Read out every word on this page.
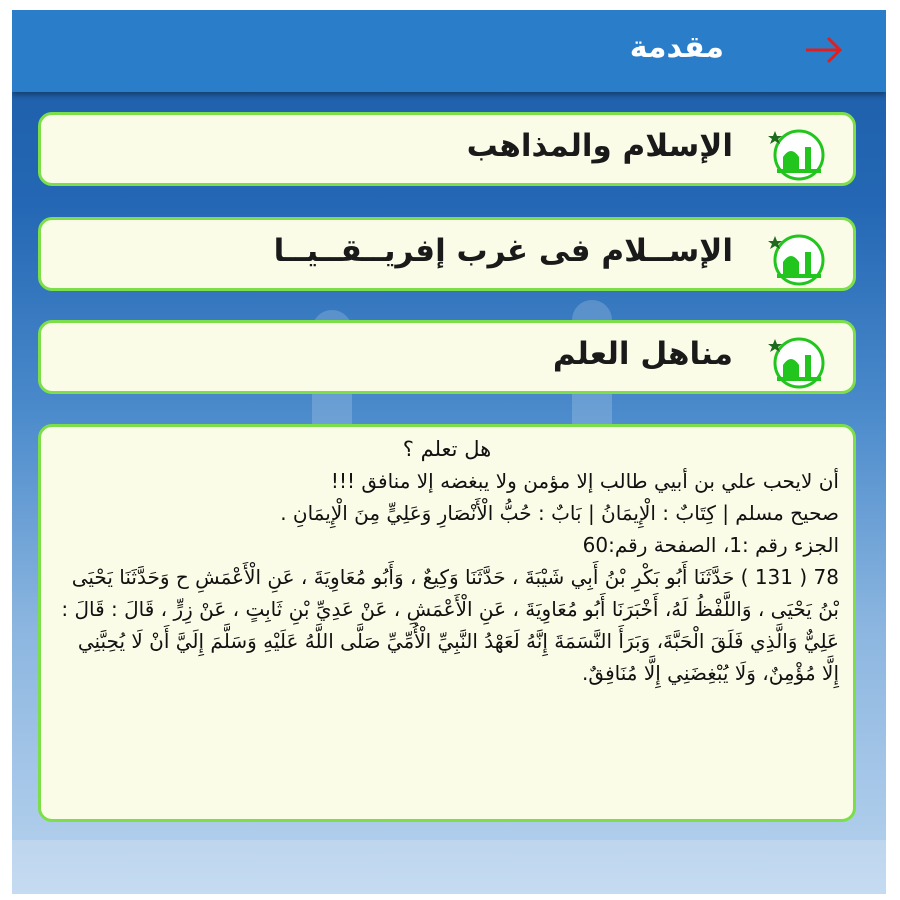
مقدمة
الإسلام والمذاهب
الإســلام فى غرب إفريــقــيــا
مناهل العلم
هل تعلم ؟

أن لايحب علي بن أبيي طالب إلا مؤمن ولا يبغضه إلا منافق !!!

صحيح مسلم | كِتَابٌ : الْإِيمَانُ | بَابٌ : حُبُّ الْأَنْصَارِ وَعَلِيٍّ مِنَ الْإِيمَانِ .

الجزء رقم :1، الصفحة رقم:60

78 ( 131 ) حَدَّثَنَا أَبُو بَكْرِ بْنُ أَبِي شَيْبَةَ ، حَدَّثَنَا وَكِيعٌ ، وَأَبُو مُعَاوِيَةَ ، عَنِ الْأَعْمَشِ ح وَحَدَّثَنَا يَحْيَى بْنُ يَحْيَى ، وَاللَّفْظُ لَهُ، أَخْبَرَنَا أَبُو مُعَاوِيَةَ ، عَنِ الْأَعْمَشِ ، عَنْ عَدِيِّ بْنِ ثَابِتٍ ، عَنْ زِرٍّ ، قَالَ : قَالَ : عَلِيٌّ وَالَّذِي فَلَقَ الْحَبَّةَ، وَبَرَأَ النَّسَمَةَ إِنَّهُ لَعَهْدُ النَّبِيِّ الْأُمِّيِّ صَلَّى اللَّهُ عَلَيْهِ وَسَلَّمَ إِلَيَّ أَنْ لَا يُحِبَّنِي إِلَّا مُؤْمِنٌ، وَلَا يُبْغِضَنِي إِلَّا مُنَافِقٌ.
